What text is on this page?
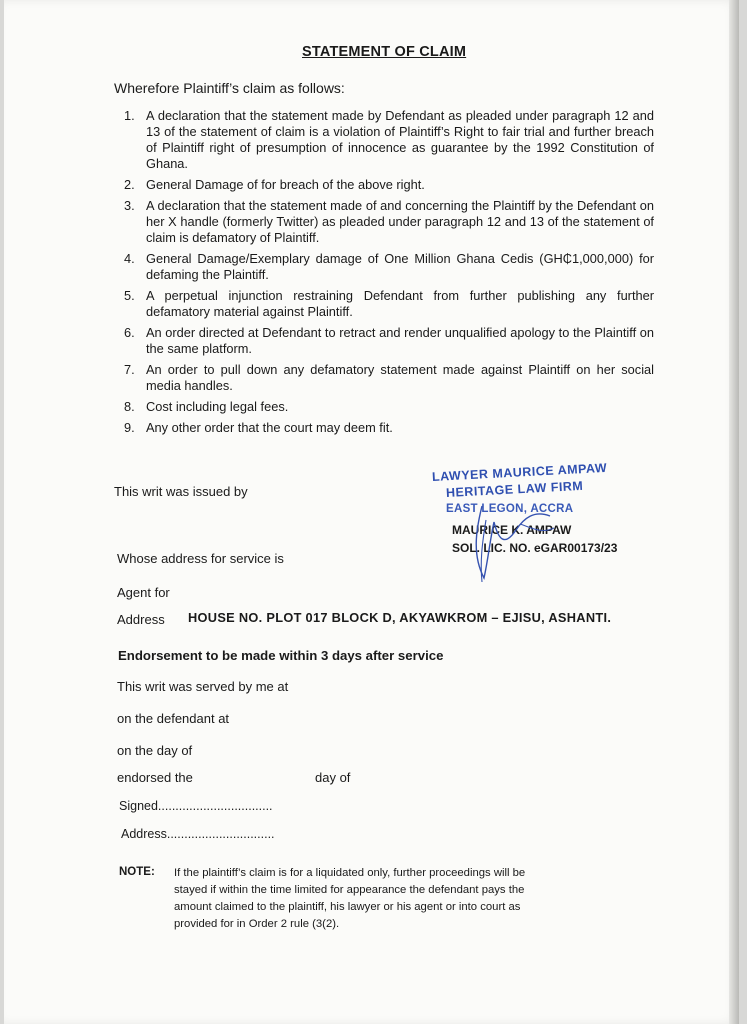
STATEMENT OF CLAIM
Wherefore Plaintiff’s claim as follows:
1. A declaration that the statement made by Defendant as pleaded under paragraph 12 and 13 of the statement of claim is a violation of Plaintiff’s Right to fair trial and further breach of Plaintiff right of presumption of innocence as guarantee by the 1992 Constitution of Ghana.
2. General Damage of for breach of the above right.
3. A declaration that the statement made of and concerning the Plaintiff by the Defendant on her X handle (formerly Twitter) as pleaded under paragraph 12 and 13 of the statement of claim is defamatory of Plaintiff.
4. General Damage/Exemplary damage of One Million Ghana Cedis (GH₵1,000,000) for defaming the Plaintiff.
5. A perpetual injunction restraining Defendant from further publishing any further defamatory material against Plaintiff.
6. An order directed at Defendant to retract and render unqualified apology to the Plaintiff on the same platform.
7. An order to pull down any defamatory statement made against Plaintiff on her social media handles.
8. Cost including legal fees.
9. Any other order that the court may deem fit.
This writ was issued by
LAWYER MAURICE AMPAW
HERITAGE LAW FIRM
EAST LEGON, ACCRA
MAURICE K. AMPAW
SOL. LIC. NO. eGAR00173/23
Whose address for service is
Agent for
Address HOUSE NO. PLOT 017 BLOCK D, AKYAWKROM – EJISU, ASHANTI.
Endorsement to be made within 3 days after service
This writ was served by me at
on the defendant at
on the day of
endorsed the	day of
Signed.................................
Address...............................
NOTE: If the plaintiff’s claim is for a liquidated only, further proceedings will be stayed if within the time limited for appearance the defendant pays the amount claimed to the plaintiff, his lawyer or his agent or into court as provided for in Order 2 rule (3(2).
